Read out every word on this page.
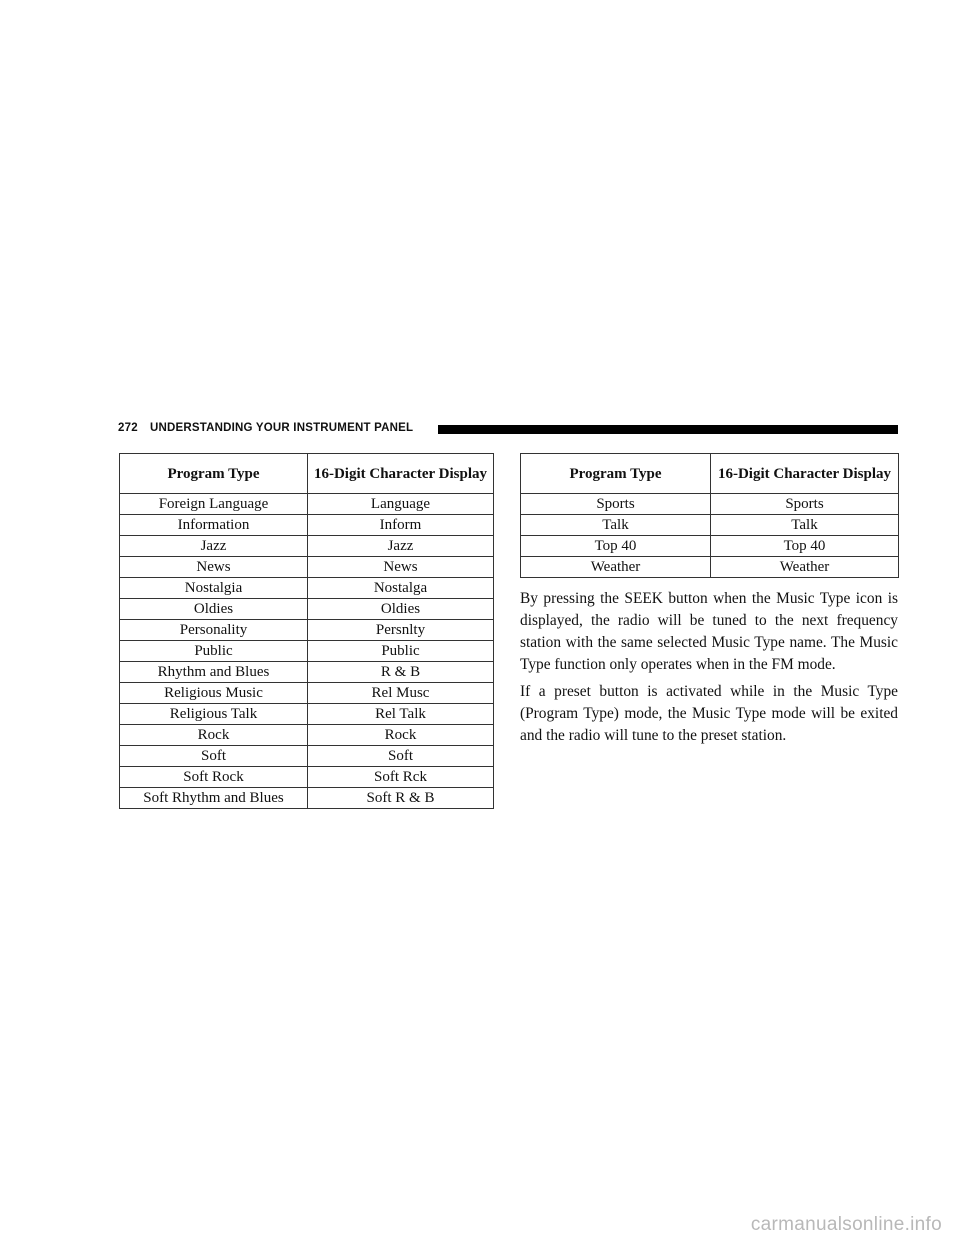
272 UNDERSTANDING YOUR INSTRUMENT PANEL
Program Type	16-Digit Character Display
Foreign Language	Language
Information	Inform
Jazz	Jazz
News	News
Nostalgia	Nostalga
Oldies	Oldies
Personality	Persnlty
Public	Public
Rhythm and Blues	R & B
Religious Music	Rel Musc
Religious Talk	Rel Talk
Rock	Rock
Soft	Soft
Soft Rock	Soft Rck
Soft Rhythm and Blues	Soft R & B
Program Type	16-Digit Character Display
Sports	Sports
Talk	Talk
Top 40	Top 40
Weather	Weather

By pressing the SEEK button when the Music Type icon is displayed, the radio will be tuned to the next frequency station with the same selected Music Type name. The Music Type function only operates when in the FM mode.

If a preset button is activated while in the Music Type (Program Type) mode, the Music Type mode will be exited and the radio will tune to the preset station.

carmanualsonline.info
